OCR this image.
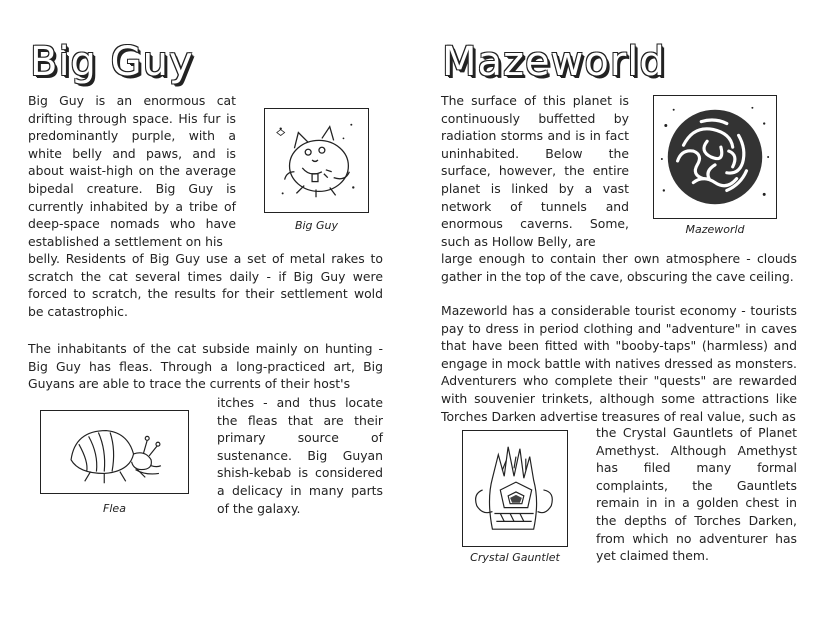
Big Guy

Big Guy is an enormous cat drifting through space. His fur is predominantly purple, with a white belly and paws, and is about waist-high on the average bipedal creature. Big Guy is currently inhabited by a tribe of deep-space nomads who have established a settlement on his

Big Guy

belly. Residents of Big Guy use a set of metal rakes to scratch the cat several times daily - if Big Guy were forced to scratch, the results for their settlement wold be catastrophic.

The inhabitants of the cat subside mainly on hunting - Big Guy has fleas. Through a long-practiced art, Big Guyans are able to trace the currents of their host's

Flea

itches - and thus locate the fleas that are their primary source of sustenance. Big Guyan shish-kebab is considered a delicacy in many parts of the galaxy.

Mazeworld

The surface of this planet is continuously buffetted by radiation storms and is in fact uninhabited. Below the surface, however, the entire planet is linked by a vast network of tunnels and enormous caverns. Some, such as Hollow Belly, are

Mazeworld

large enough to contain ther own atmosphere - clouds gather in the top of the cave, obscuring the cave ceiling.

Mazeworld has a considerable tourist economy - tourists pay to dress in period clothing and "adventure" in caves that have been fitted with "booby-taps" (harmless) and engage in mock battle with natives dressed as monsters. Adventurers who complete their "quests" are rewarded with souvenier trinkets, although some attractions like Torches Darken advertise treasures of real value, such as

Crystal Gauntlet

the Crystal Gauntlets of Planet Amethyst. Although Amethyst has filed many formal complaints, the Gauntlets remain in in a golden chest in the depths of Torches Darken, from which no adventurer has yet claimed them.
